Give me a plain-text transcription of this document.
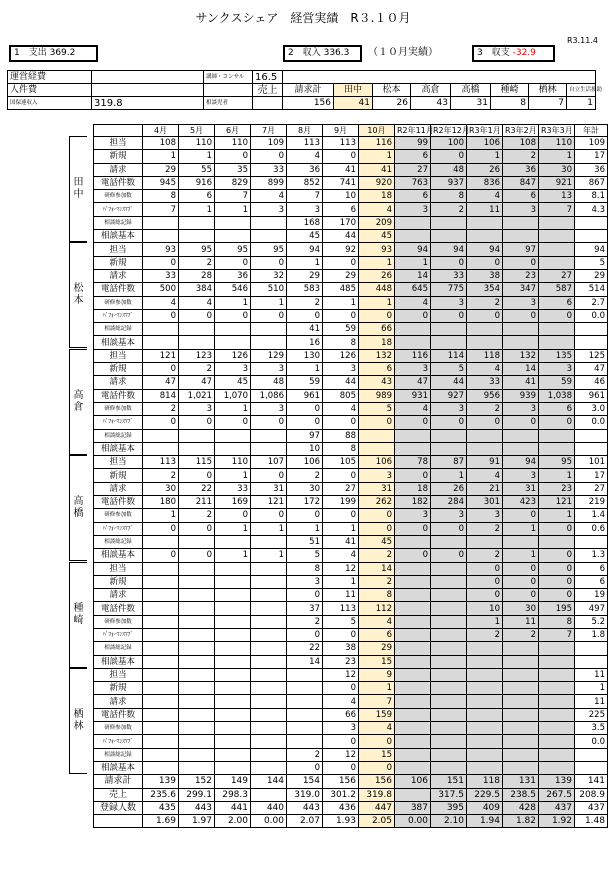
サンクスシェア　経営実績　R３.１０月
R3.11.4
1　支出 369.2	2　収入 336.3	（１０月実績）	3　収支 -32.9
運営経費		講師・コンサル	16.5								
人件費			売上	請求計	田中	松本	高倉	高橋	種崎	栖林	自立生活援助
国保連収入	319.8	相談児者		156	41	26	43	31	8	7	1
田
中
松
本
高
倉
高
橋
種
崎
栖
林
	4月	5月	6月	7月	8月	9月	10月	R2年11月	R2年12月	R3年1月	R3年2月	R3年3月	年計
担当	108	110	110	109	113	113	116	99	100	106	108	110	109
新規	1	1	0	0	4	0	1	6	0	1	2	1	17
請求	29	55	35	33	36	41	41	27	48	26	36	30	36
電話件数	945	916	829	899	852	741	920	763	937	836	847	921	867
研修参加数	8	6	7	4	7	10	18	6	8	4	6	13	8.1
ﾊﾟﾌｫｰﾏﾝｽﾏﾌﾞ	7	1	1	3	3	6	4	3	2	11	3	7	4.3
相談総記録					168	170	209						
相談基本					45	44	45						
担当	93	95	95	95	94	92	93	94	94	94	97		94
新規	0	2	0	0	1	0	1	1	0	0	0		5
請求	33	28	36	32	29	29	26	14	33	38	23	27	29
電話件数	500	384	546	510	583	485	448	645	775	354	347	587	514
研修参加数	4	4	1	1	2	1	1	4	3	2	3	6	2.7
ﾊﾟﾌｫｰﾏﾝｽﾏﾌﾞ	0	0	0	0	0	0	0	0	0	0	0	0	0.0
相談総記録					41	59	66						
相談基本					16	8	18						
担当	121	123	126	129	130	126	132	116	114	118	132	135	125
新規	0	2	3	3	1	3	6	3	5	4	14	3	47
請求	47	47	45	48	59	44	43	47	44	33	41	59	46
電話件数	814	1,021	1,070	1,086	961	805	989	931	927	956	939	1,038	961
研修参加数	2	3	1	3	0	4	5	4	3	2	3	6	3.0
ﾊﾟﾌｫｰﾏﾝｽﾏﾌﾞ	0	0	0	0	0	0	0	0	0	0	0	0	0.0
相談総記録					97	88							
相談基本					10	8							
担当	113	115	110	107	106	105	106	78	87	91	94	95	101
新規	2	0	1	0	2	0	3	0	1	4	3	1	17
請求	30	22	33	31	30	27	31	18	26	21	31	23	27
電話件数	180	211	169	121	172	199	262	182	284	301	423	121	219
研修参加数	1	2	0	0	0	0	0	3	3	3	0	1	1.4
ﾊﾟﾌｫｰﾏﾝｽﾏﾌﾞ	0	0	1	1	1	1	0	0	0	2	1	0	0.6
相談総記録					51	41	45						
相談基本	0	0	1	1	5	4	2	0	0	2	1	0	1.3
担当					8	12	14			0	0	0	6
新規					3	1	2			0	0	0	6
請求					0	11	8			0	0	0	19
電話件数					37	113	112			10	30	195	497
研修参加数					2	5	4			1	11	8	5.2
ﾊﾟﾌｫｰﾏﾝｽﾏﾌﾞ					0	0	6			2	2	7	1.8
相談総記録					22	38	29						
相談基本					14	23	15						
担当						12	9						11
新規						0	1						1
請求						4	7						11
電話件数						66	159						225
研修参加数						3	4						3.5
ﾊﾟﾌｫｰﾏﾝｽﾏﾌﾞ						0	0						0.0
相談総記録					2	12	15						
相談基本					0	0	0						
請求計	139	152	149	144	154	156	156	106	151	118	131	139	141
売上	235.6	299.1	298.3		319.0	301.2	319.8		317.5	229.5	238.5	267.5	208.9
登録人数	435	443	441	440	443	436	447	387	395	409	428	437	437
	1.69	1.97	2.00	0.00	2.07	1.93	2.05	0.00	2.10	1.94	1.82	1.92	1.48
